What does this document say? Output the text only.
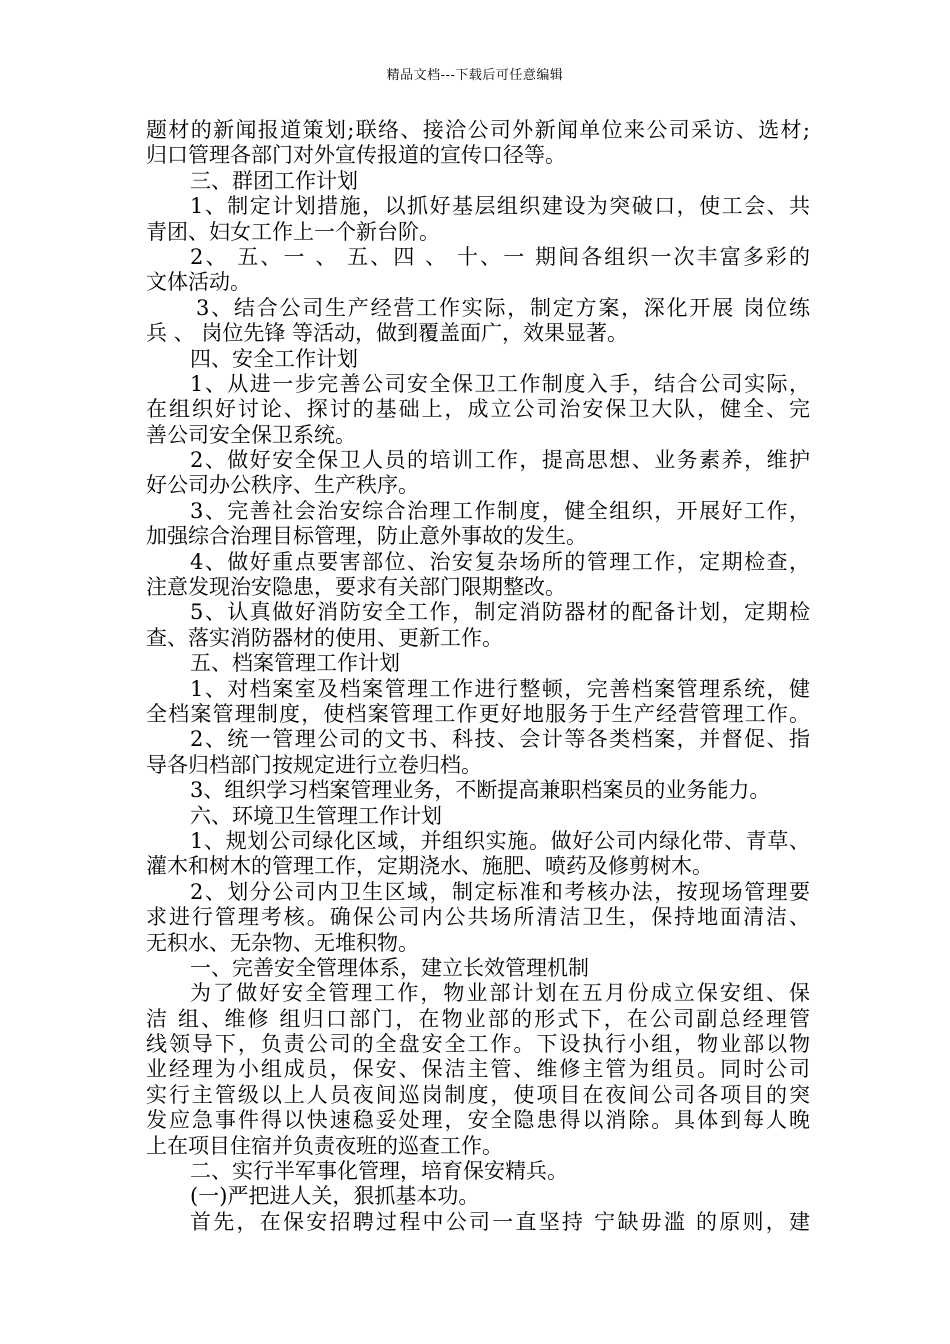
精品文档---下载后可任意编辑
题材的新闻报道策划;联络、接洽公司外新闻单位来公司采访、选材;
归口管理各部门对外宣传报道的宣传口径等。
三、群团工作计划
1、制定计划措施，以抓好基层组织建设为突破口，使工会、共
青团、妇女工作上一个新台阶。
2、 五、一 、 五、四 、 十、一 期间各组织一次丰富多彩的
文体活动。
3、结合公司生产经营工作实际，制定方案，深化开展 岗位练
兵 、 岗位先锋 等活动，做到覆盖面广，效果显著。
四、安全工作计划
1、从进一步完善公司安全保卫工作制度入手，结合公司实际，
在组织好讨论、探讨的基础上，成立公司治安保卫大队，健全、完
善公司安全保卫系统。
2、做好安全保卫人员的培训工作，提高思想、业务素养，维护
好公司办公秩序、生产秩序。
3、完善社会治安综合治理工作制度，健全组织，开展好工作，
加强综合治理目标管理，防止意外事故的发生。
4、做好重点要害部位、治安复杂场所的管理工作，定期检查，
注意发现治安隐患，要求有关部门限期整改。
5、认真做好消防安全工作，制定消防器材的配备计划，定期检
查、落实消防器材的使用、更新工作。
五、档案管理工作计划
1、对档案室及档案管理工作进行整顿，完善档案管理系统，健
全档案管理制度，使档案管理工作更好地服务于生产经营管理工作。
2、统一管理公司的文书、科技、会计等各类档案，并督促、指
导各归档部门按规定进行立卷归档。
3、组织学习档案管理业务，不断提高兼职档案员的业务能力。
六、环境卫生管理工作计划
1、规划公司绿化区域，并组织实施。做好公司内绿化带、青草、
灌木和树木的管理工作，定期浇水、施肥、喷药及修剪树木。
2、划分公司内卫生区域，制定标准和考核办法，按现场管理要
求进行管理考核。确保公司内公共场所清洁卫生，保持地面清洁、
无积水、无杂物、无堆积物。
一、完善安全管理体系，建立长效管理机制
为了做好安全管理工作，物业部计划在五月份成立保安组、保
洁 组、维修 组归口部门，在物业部的形式下，在公司副总经理管
线领导下，负责公司的全盘安全工作。下设执行小组，物业部以物
业经理为小组成员，保安、保洁主管、维修主管为组员。同时公司
实行主管级以上人员夜间巡岗制度，使项目在夜间公司各项目的突
发应急事件得以快速稳妥处理，安全隐患得以消除。具体到每人晚
上在项目住宿并负责夜班的巡查工作。
二、实行半军事化管理，培育保安精兵。
(一)严把进人关，狠抓基本功。
首先，在保安招聘过程中公司一直坚持 宁缺毋滥 的原则，建
